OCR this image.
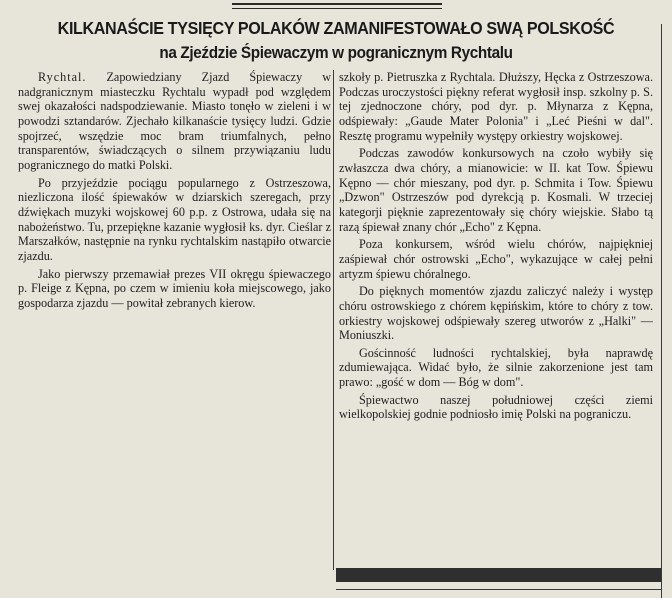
KILKANAŚCIE TYSIĘCY POLAKÓW ZAMANIFESTOWAŁO SWĄ POLSKOŚĆ
na Zjeździe Śpiewaczym w pogranicznym Rychtalu

Rychtal. Zapowiedziany Zjazd Śpiewaczy w nadgranicznym miasteczku Rychtalu wypadł pod względem swej okazałości nadspodziewanie. Miasto tonęło w zieleni i w powodzi sztandarów. Zjechało kilkanaście tysięcy ludzi. Gdzie spojrzeć, wszędzie moc bram triumfalnych, pełno transparentów, świadczących o silnem przywiązaniu ludu pogranicznego do matki Polski.

Po przyjeździe pociągu popularnego z Ostrzeszowa, niezliczona ilość śpiewaków w dziarskich szeregach, przy dźwiękach muzyki wojskowej 60 p.p. z Ostrowa, udała się na nabożeństwo. Tu, przepiękne kazanie wygłosił ks. dyr. Cieślar z Marszałków, następnie na rynku rychtalskim nastąpiło otwarcie zjazdu.

Jako pierwszy przemawiał prezes VII okręgu śpiewaczego p. Fleige z Kępna, po czem w imieniu koła miejscowego, jako gospodarza zjazdu — powitał zebranych kierow.

szkoły p. Pietruszka z Rychtala. Dłuższy, Hęcka z Ostrzeszowa. Podczas uroczystości piękny referat wygłosił insp. szkolny p. S. tej zjednoczone chóry, pod dyr. p. Młynarza z Kępna, odśpiewały: „Gaude Mater Polonia" i „Leć Pieśni w dal". Resztę programu wypełniły występy orkiestry wojskowej.

Podczas zawodów konkursowych na czoło wybiły się zwłaszcza dwa chóry, a mianowicie: w II. kat Tow. Śpiewu Kępno — chór mieszany, pod dyr. p. Schmita i Tow. Śpiewu „Dzwon" Ostrzeszów pod dyrekcją p. Kosmali. W trzeciej kategorji pięknie zaprezentowały się chóry wiejskie. Słabo tą razą śpiewał znany chór „Echo" z Kępna.

Poza konkursem, wśród wielu chórów, najpiękniej zaśpiewał chór ostrowski „Echo", wykazujące w całej pełni artyzm śpiewu chóralnego.

Do pięknych momentów zjazdu zaliczyć należy i występ chóru ostrowskiego z chórem kępińskim, które to chóry z tow. orkiestry wojskowej odśpiewały szereg utworów z „Halki" — Moniuszki.

Gościnność ludności rychtalskiej, była naprawdę zdumiewająca. Widać było, że silnie zakorzenione jest tam prawo: „gość w dom — Bóg w dom".

Śpiewactwo naszej południowej części ziemi wielkopolskiej godnie podniosło imię Polski na pograniczu.
